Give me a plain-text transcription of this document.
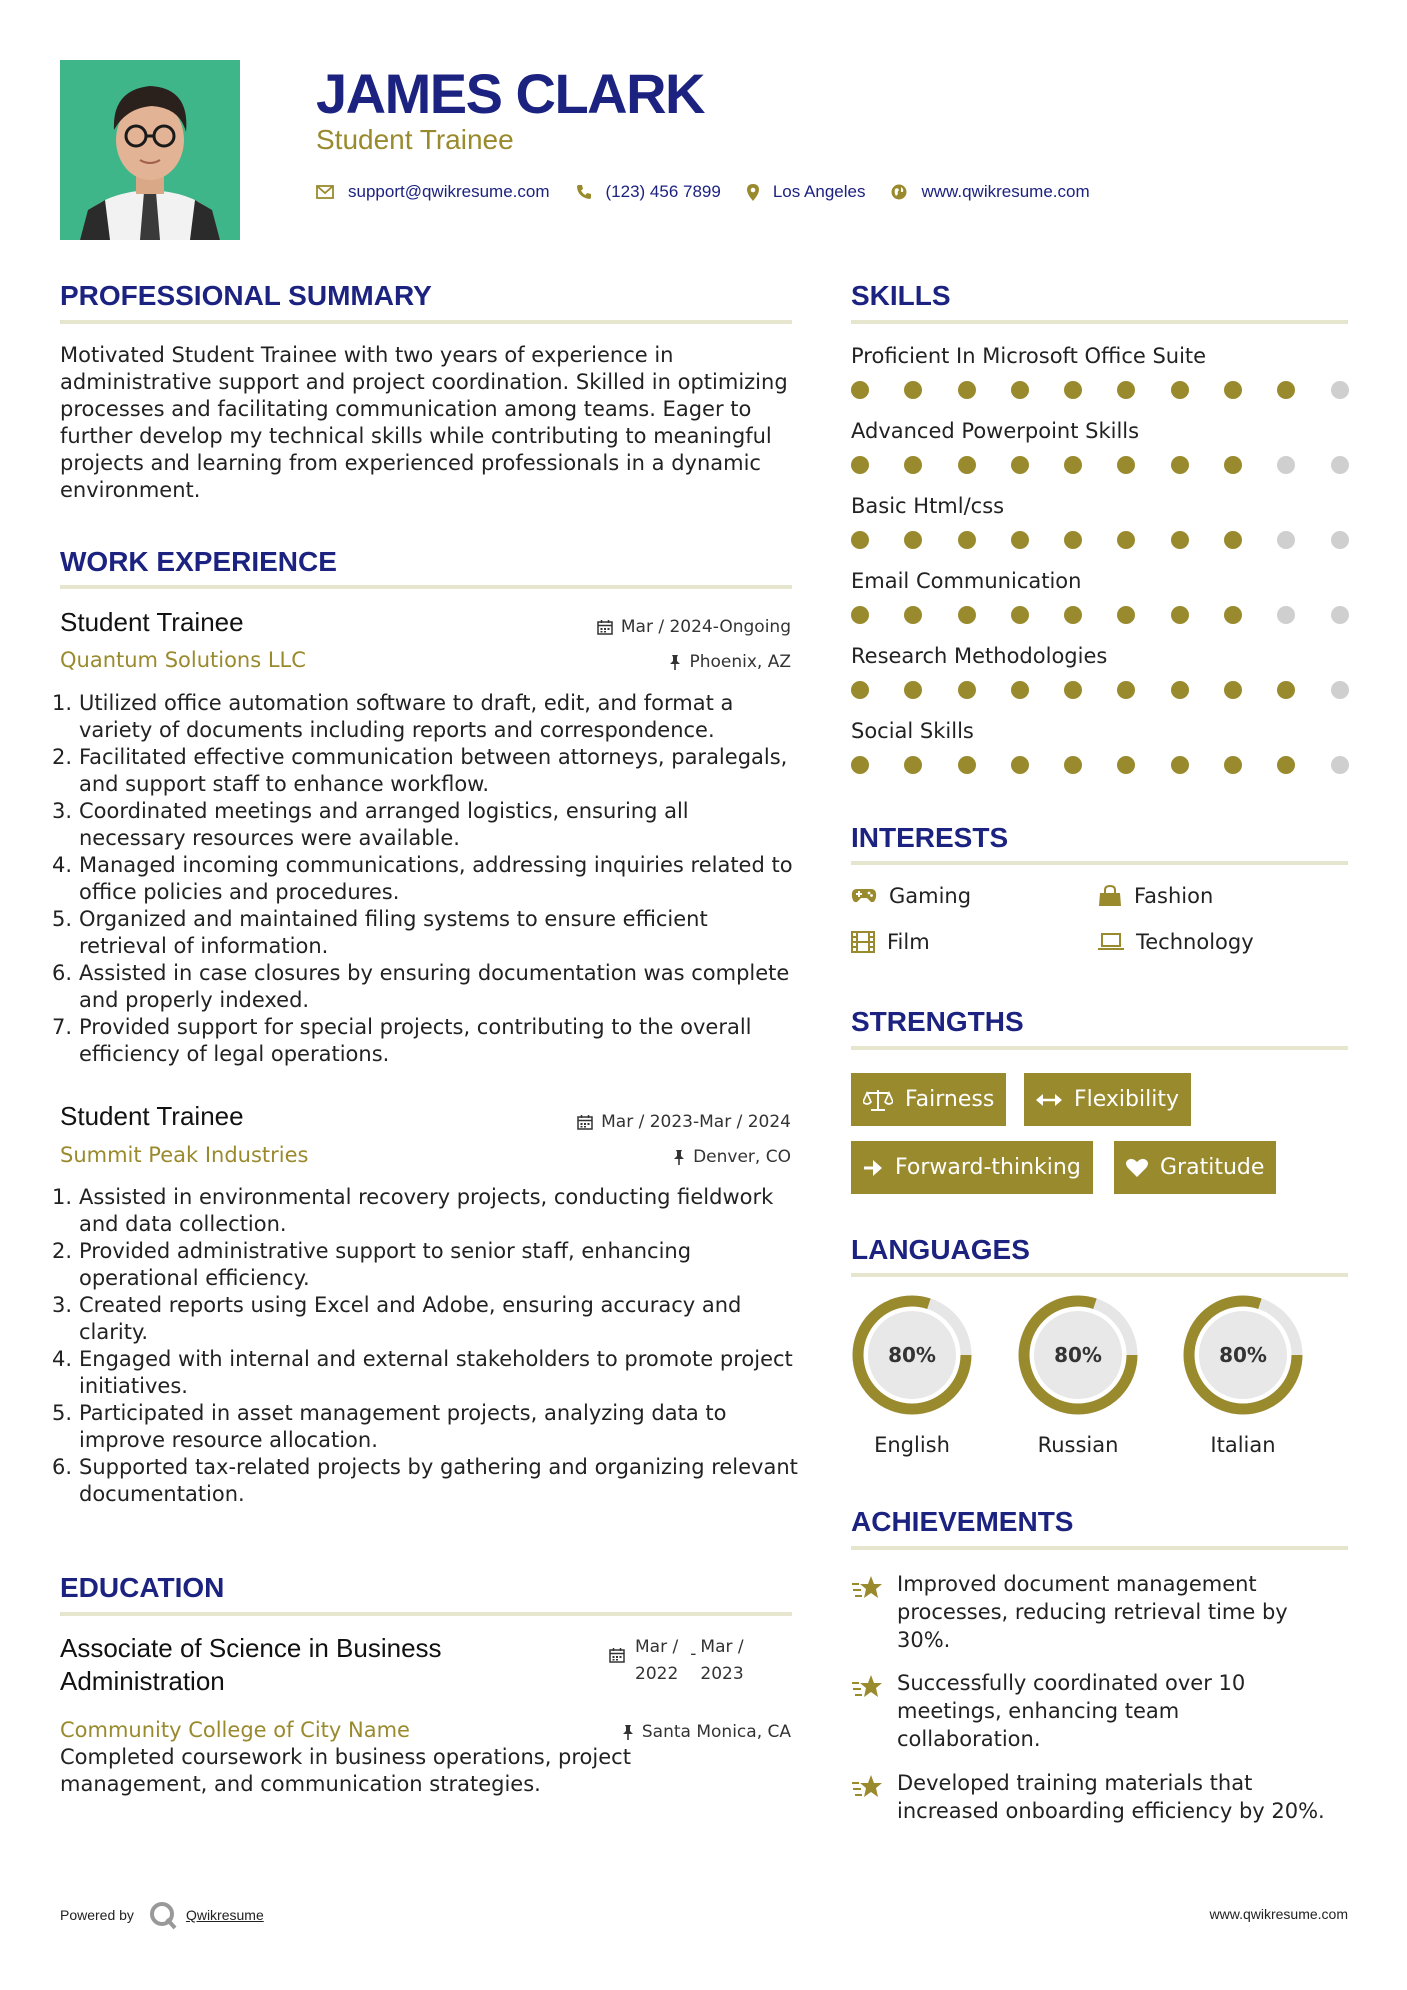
JAMES CLARK
Student Trainee
support@qwikresume.com	(123) 456 7899	Los Angeles	www.qwikresume.com
PROFESSIONAL SUMMARY
Motivated Student Trainee with two years of experience in administrative support and project coordination. Skilled in optimizing processes and facilitating communication among teams. Eager to further develop my technical skills while contributing to meaningful projects and learning from experienced professionals in a dynamic environment.
WORK EXPERIENCE
Student Trainee	Mar / 2024-Ongoing
Quantum Solutions LLC	Phoenix, AZ
1. Utilized office automation software to draft, edit, and format a variety of documents including reports and correspondence.
2. Facilitated effective communication between attorneys, paralegals, and support staff to enhance workflow.
3. Coordinated meetings and arranged logistics, ensuring all necessary resources were available.
4. Managed incoming communications, addressing inquiries related to office policies and procedures.
5. Organized and maintained filing systems to ensure efficient retrieval of information.
6. Assisted in case closures by ensuring documentation was complete and properly indexed.
7. Provided support for special projects, contributing to the overall efficiency of legal operations.
Student Trainee	Mar / 2023-Mar / 2024
Summit Peak Industries	Denver, CO
1. Assisted in environmental recovery projects, conducting fieldwork and data collection.
2. Provided administrative support to senior staff, enhancing operational efficiency.
3. Created reports using Excel and Adobe, ensuring accuracy and clarity.
4. Engaged with internal and external stakeholders to promote project initiatives.
5. Participated in asset management projects, analyzing data to improve resource allocation.
6. Supported tax-related projects by gathering and organizing relevant documentation.
EDUCATION
Associate of Science in Business
Administration
Mar /
2022
- Mar /
2023
Community College of City Name	Santa Monica, CA
Completed coursework in business operations, project management, and communication strategies.
SKILLS
Proficient In Microsoft Office Suite
Advanced Powerpoint Skills
Basic Html/css
Email Communication
Research Methodologies
Social Skills
INTERESTS
Gaming	Fashion
Film	Technology
STRENGTHS
Fairness	Flexibility
Forward-thinking	Gratitude
LANGUAGES
80%
English
80%
Russian
80%
Italian
ACHIEVEMENTS
Improved document management processes, reducing retrieval time by 30%.
Successfully coordinated over 10 meetings, enhancing team collaboration.
Developed training materials that increased onboarding efficiency by 20%.
Powered by	Qwikresume	www.qwikresume.com
